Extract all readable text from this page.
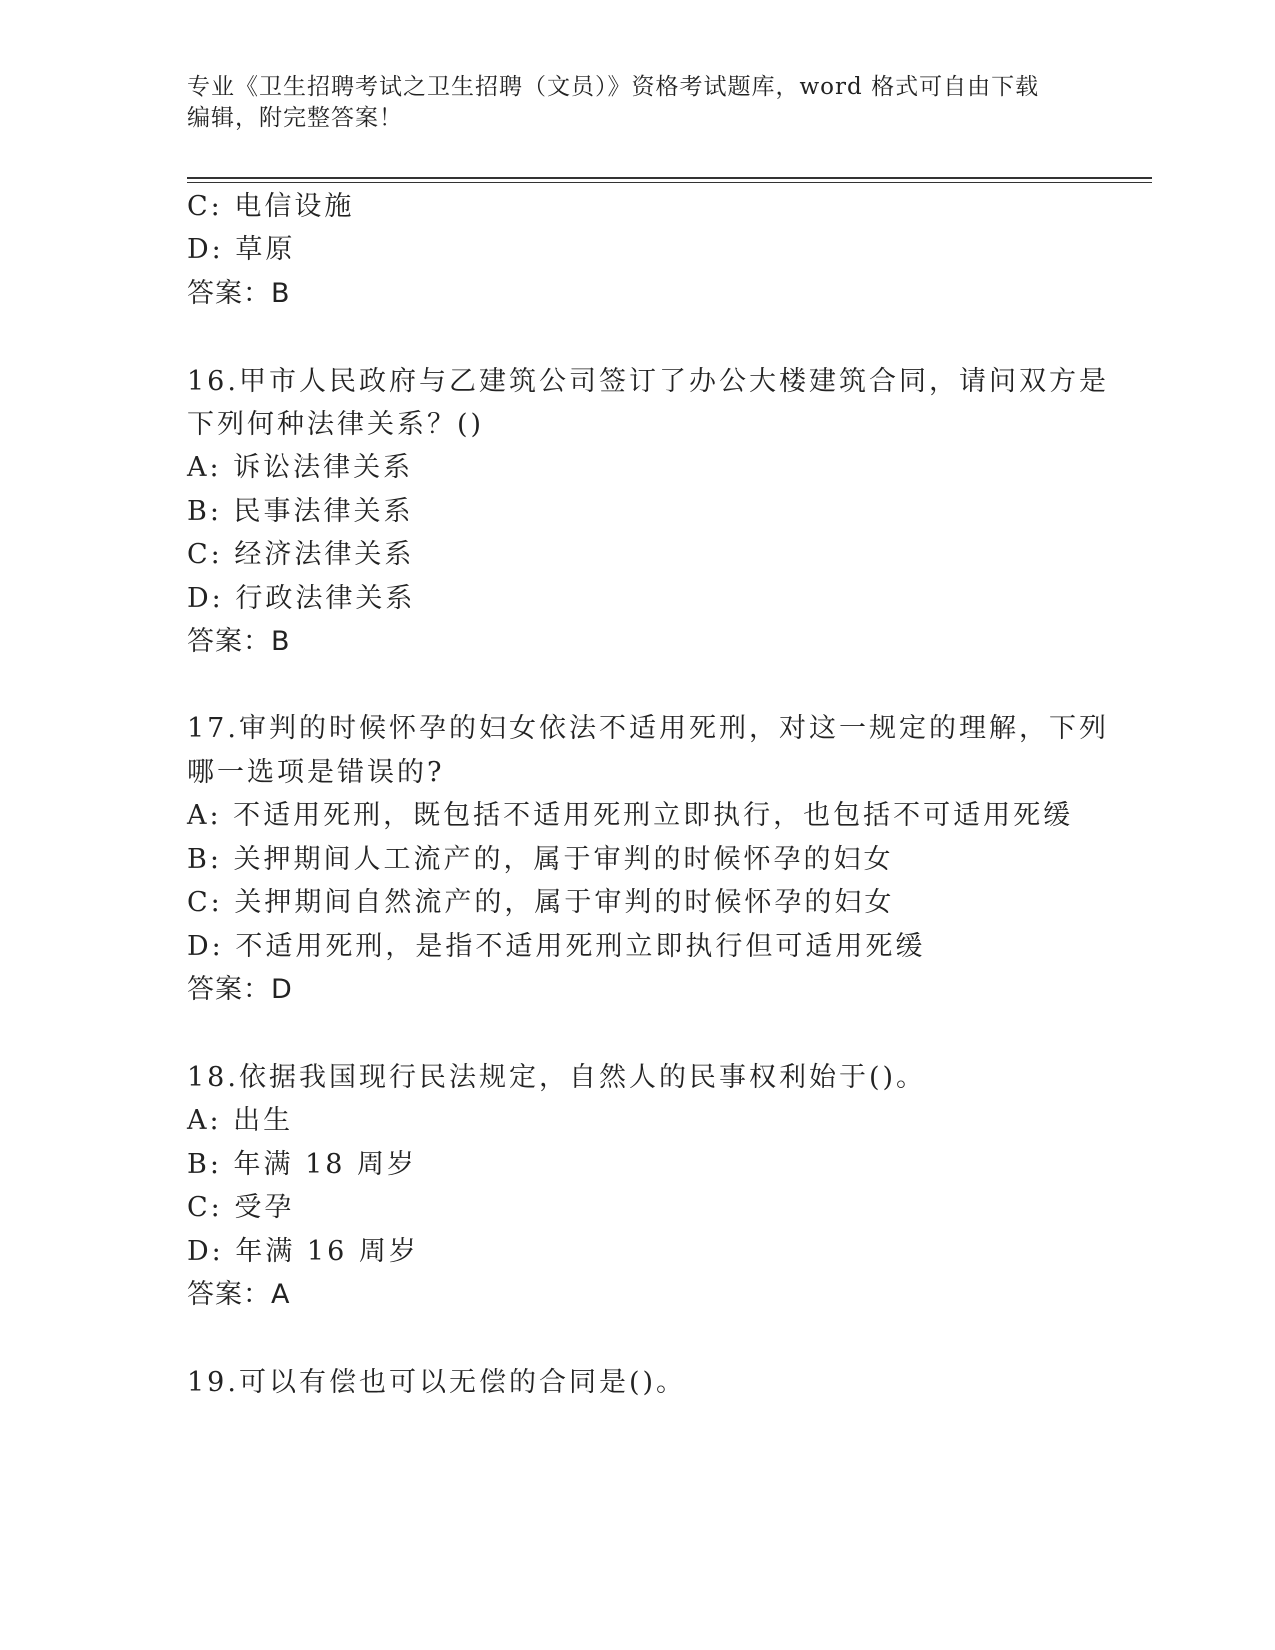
专业《卫生招聘考试之卫生招聘（文员）》资格考试题库，word 格式可自由下载
编辑，附完整答案！
C: 电信设施
D: 草原
答案：B
16.甲市人民政府与乙建筑公司签订了办公大楼建筑合同，请问双方是
下列何种法律关系？()
A: 诉讼法律关系
B: 民事法律关系
C: 经济法律关系
D: 行政法律关系
答案：B
17.审判的时候怀孕的妇女依法不适用死刑，对这一规定的理解，下列
哪一选项是错误的?
A: 不适用死刑，既包括不适用死刑立即执行，也包括不可适用死缓
B: 关押期间人工流产的，属于审判的时候怀孕的妇女
C: 关押期间自然流产的，属于审判的时候怀孕的妇女
D: 不适用死刑，是指不适用死刑立即执行但可适用死缓
答案：D
18.依据我国现行民法规定，自然人的民事权利始于()。
A: 出生
B: 年满 18 周岁
C: 受孕
D: 年满 16 周岁
答案：A
19.可以有偿也可以无偿的合同是()。
